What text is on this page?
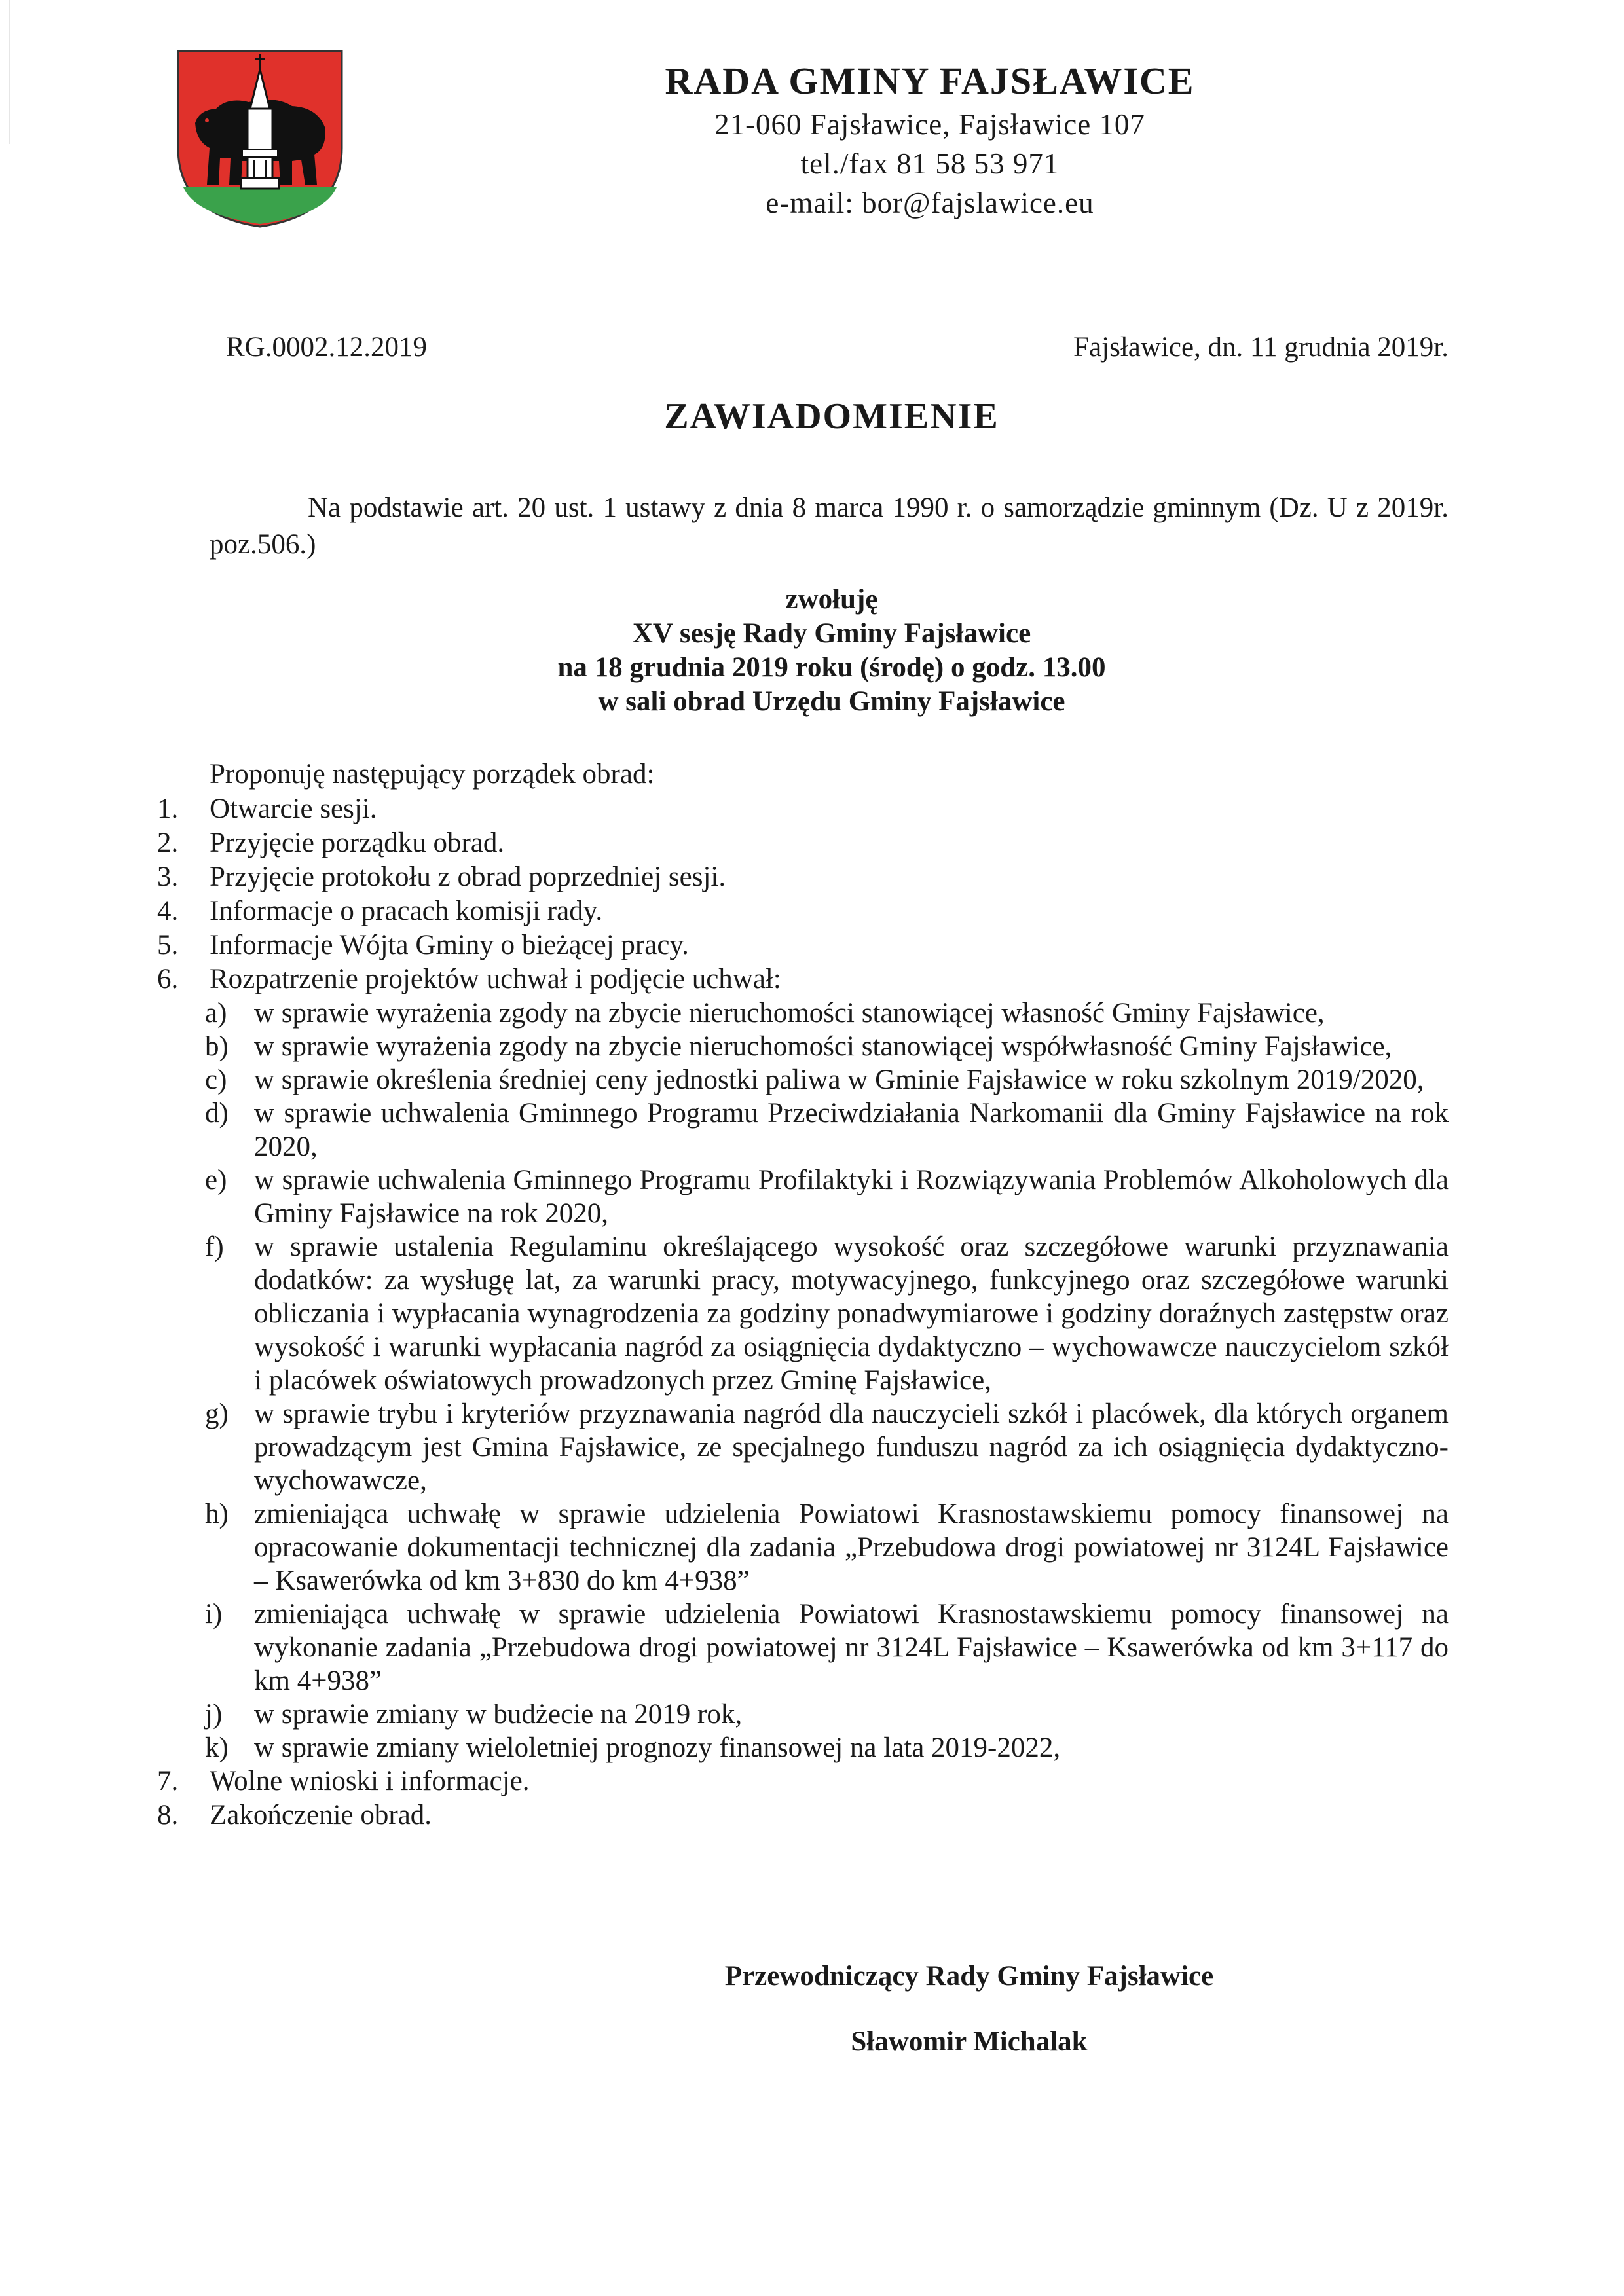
RADA GMINY FAJSŁAWICE
21-060 Fajsławice, Fajsławice 107
tel./fax 81 58 53 971
e-mail: bor@fajslawice.eu
RG.0002.12.2019	Fajsławice, dn. 11 grudnia 2019r.
ZAWIADOMIENIE
Na podstawie art. 20 ust. 1 ustawy z dnia 8 marca 1990 r. o samorządzie gminnym (Dz. U z 2019r. poz.506.)
zwołuję
XV sesję Rady Gminy Fajsławice
na 18 grudnia 2019 roku (środę) o godz. 13.00
w sali obrad Urzędu Gminy Fajsławice
Proponuję następujący porządek obrad:
1. Otwarcie sesji.
2. Przyjęcie porządku obrad.
3. Przyjęcie protokołu z obrad poprzedniej sesji.
4. Informacje o pracach komisji rady.
5. Informacje Wójta Gminy o bieżącej pracy.
6. Rozpatrzenie projektów uchwał i podjęcie uchwał:
a) w sprawie wyrażenia zgody na zbycie nieruchomości stanowiącej własność Gminy Fajsławice,
b) w sprawie wyrażenia zgody na zbycie nieruchomości stanowiącej współwłasność Gminy Fajsławice,
c) w sprawie określenia średniej ceny jednostki paliwa w Gminie Fajsławice w roku szkolnym 2019/2020,
d) w sprawie uchwalenia Gminnego Programu Przeciwdziałania Narkomanii dla Gminy Fajsławice na rok 2020,
e) w sprawie uchwalenia Gminnego Programu Profilaktyki i Rozwiązywania Problemów Alkoholowych dla Gminy Fajsławice na rok 2020,
f) w sprawie ustalenia Regulaminu określającego wysokość oraz szczegółowe warunki przyznawania dodatków: za wysługę lat, za warunki pracy, motywacyjnego, funkcyjnego oraz szczegółowe warunki obliczania i wypłacania wynagrodzenia za godziny ponadwymiarowe i godziny doraźnych zastępstw oraz wysokość i warunki wypłacania nagród za osiągnięcia dydaktyczno – wychowawcze nauczycielom szkół i placówek oświatowych prowadzonych przez Gminę Fajsławice,
g) w sprawie trybu i kryteriów przyznawania nagród dla nauczycieli szkół i placówek, dla których organem prowadzącym jest Gmina Fajsławice, ze specjalnego funduszu nagród za ich osiągnięcia dydaktyczno-wychowawcze,
h) zmieniająca uchwałę w sprawie udzielenia Powiatowi Krasnostawskiemu pomocy finansowej na opracowanie dokumentacji technicznej dla zadania „Przebudowa drogi powiatowej nr 3124L Fajsławice – Ksawerówka od km 3+830 do km 4+938”
i) zmieniająca uchwałę w sprawie udzielenia Powiatowi Krasnostawskiemu pomocy finansowej na wykonanie zadania „Przebudowa drogi powiatowej nr 3124L Fajsławice – Ksawerówka od km 3+117 do km 4+938”
j) w sprawie zmiany w budżecie na 2019 rok,
k) w sprawie zmiany wieloletniej prognozy finansowej na lata 2019-2022,
7. Wolne wnioski i informacje.
8. Zakończenie obrad.
Przewodniczący Rady Gminy Fajsławice
Sławomir Michalak
